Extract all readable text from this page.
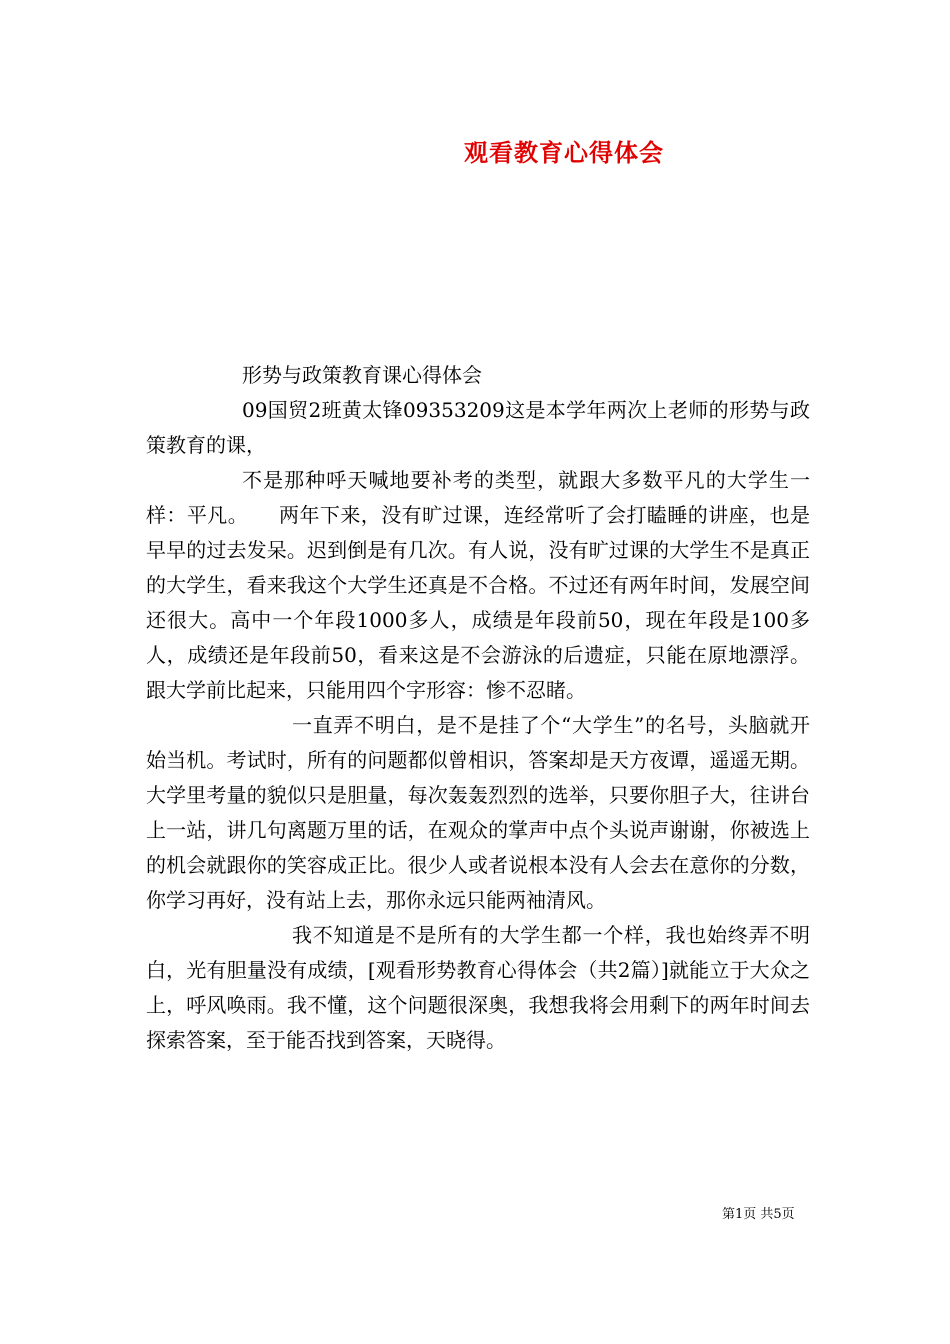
观看教育心得体会

形势与政策教育课心得体会

09国贸2班黄太锋09353209这是本学年两次上老师的形势与政策教育的课，

不是那种呼天喊地要补考的类型，就跟大多数平凡的大学生一样：平凡。　　两年下来，没有旷过课，连经常听了会打瞌睡的讲座，也是早早的过去发呆。迟到倒是有几次。有人说，没有旷过课的大学生不是真正的大学生，看来我这个大学生还真是不合格。不过还有两年时间，发展空间还很大。高中一个年段1000多人，成绩是年段前50，现在年段是100多人，成绩还是年段前50，看来这是不会游泳的后遗症，只能在原地漂浮。跟大学前比起来，只能用四个字形容：惨不忍睹。

一直弄不明白，是不是挂了个“大学生”的名号，头脑就开始当机。考试时，所有的问题都似曾相识，答案却是天方夜谭，遥遥无期。大学里考量的貌似只是胆量，每次轰轰烈烈的选举，只要你胆子大，往讲台上一站，讲几句离题万里的话，在观众的掌声中点个头说声谢谢，你被选上的机会就跟你的笑容成正比。很少人或者说根本没有人会去在意你的分数，你学习再好，没有站上去，那你永远只能两袖清风。

我不知道是不是所有的大学生都一个样，我也始终弄不明白，光有胆量没有成绩，[观看形势教育心得体会（共2篇）]就能立于大众之上，呼风唤雨。我不懂，这个问题很深奥，我想我将会用剩下的两年时间去探索答案，至于能否找到答案，天晓得。

第1页 共5页
